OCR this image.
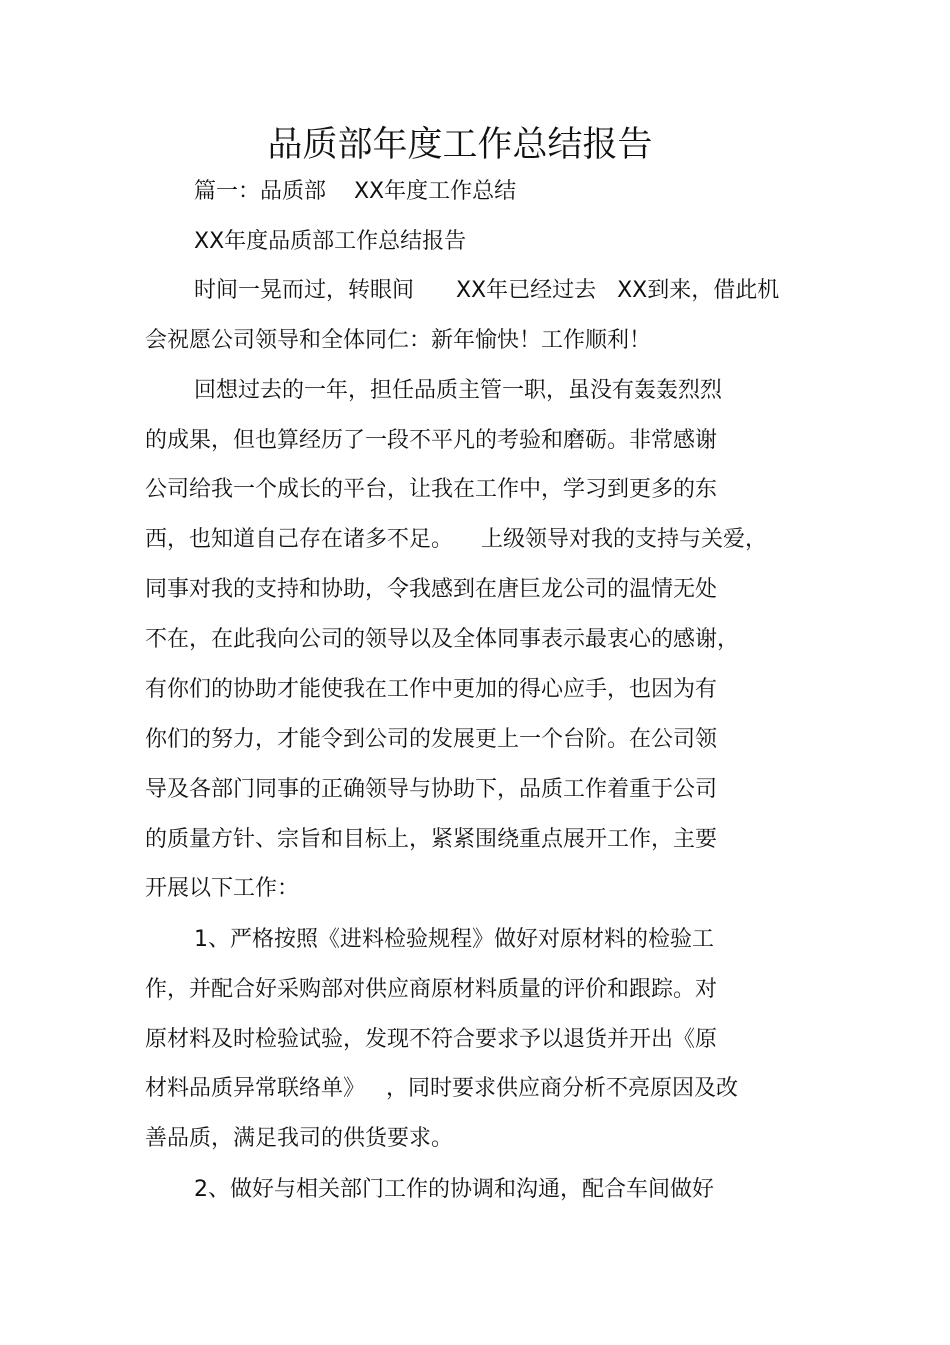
品质部年度工作总结报告
篇一：品质部    XX年度工作总结
XX年度品质部工作总结报告
时间一晃而过，转眼间      XX年已经过去   XX到来，借此机
会祝愿公司领导和全体同仁：新年愉快！工作顺利！
回想过去的一年，担任品质主管一职，虽没有轰轰烈烈
的成果，但也算经历了一段不平凡的考验和磨砺。非常感谢
公司给我一个成长的平台，让我在工作中，学习到更多的东
西，也知道自己存在诸多不足。    上级领导对我的支持与关爱，
同事对我的支持和协助，令我感到在唐巨龙公司的温情无处
不在，在此我向公司的领导以及全体同事表示最衷心的感谢，
有你们的协助才能使我在工作中更加的得心应手，也因为有
你们的努力，才能令到公司的发展更上一个台阶。在公司领
导及各部门同事的正确领导与协助下，品质工作着重于公司
的质量方针、宗旨和目标上，紧紧围绕重点展开工作，主要
开展以下工作：
1、严格按照《进料检验规程》做好对原材料的检验工
作，并配合好采购部对供应商原材料质量的评价和跟踪。对
原材料及时检验试验，发现不符合要求予以退货并开出《原
材料品质异常联络单》   ，同时要求供应商分析不亮原因及改
善品质，满足我司的供货要求。
2、做好与相关部门工作的协调和沟通，配合车间做好
